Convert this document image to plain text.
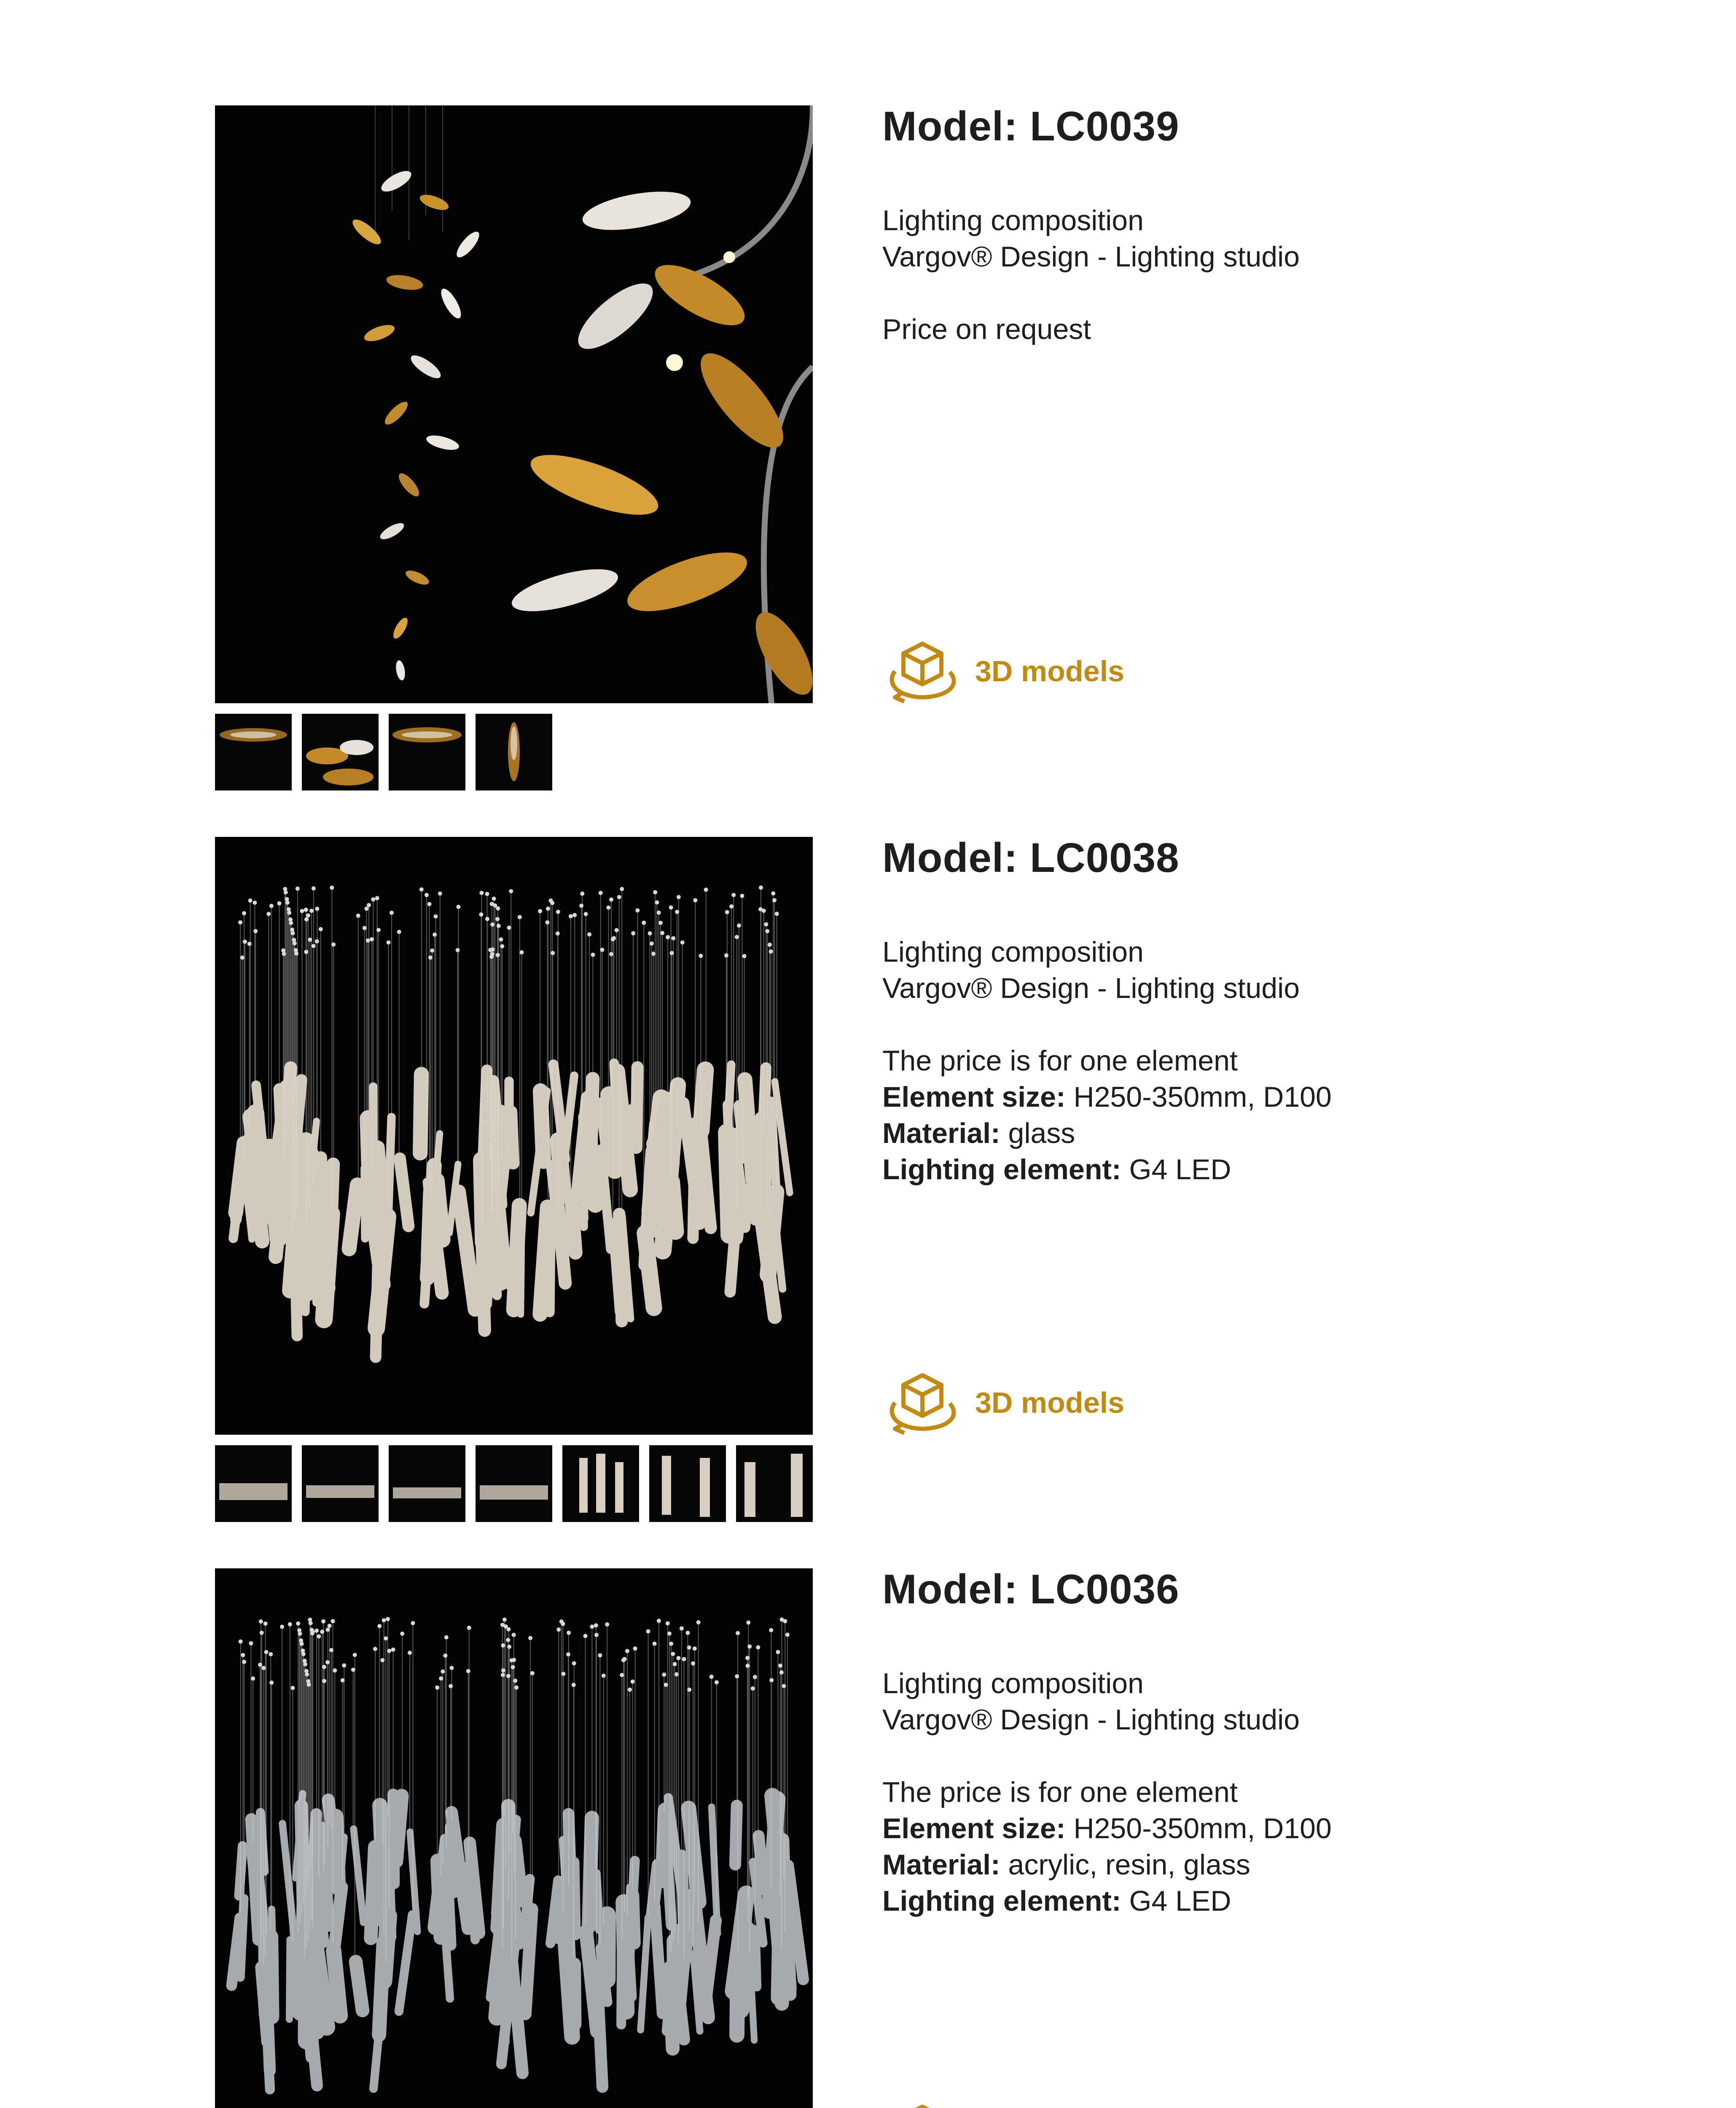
Model: LC0039

Lighting composition

Vargov® Design - Lighting studio

Price on request

3D models
Model: LC0038

Lighting composition

Vargov® Design - Lighting studio

The price is for one element

Element size: H250-350mm, D100

Material: glass

Lighting element: G4 LED

3D models
Model: LC0036

Lighting composition

Vargov® Design - Lighting studio

The price is for one element

Element size: H250-350mm, D100

Material: acrylic, resin, glass

Lighting element: G4 LED
